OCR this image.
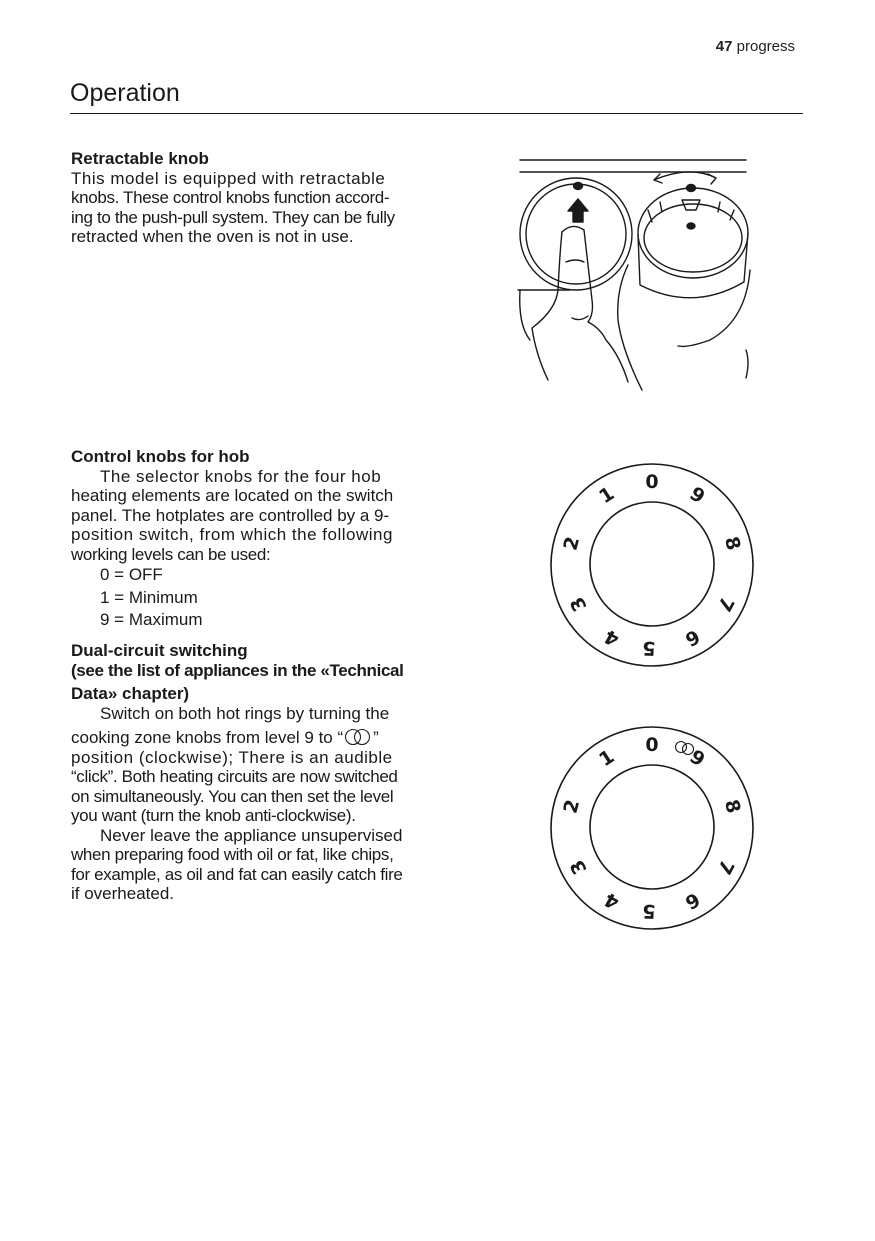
47 progress
Operation
Retractable knob

This model is equipped with retractable

knobs. These control knobs function accord-

ing to the push-pull system. They can be fully

retracted when the oven is not in use.

Control knobs for hob

The selector knobs for the four hob

heating elements are located on the switch

panel. The hotplates are controlled by a 9-

position switch, from which the following

working levels can be used:

0 = OFF
1 = Minimum
9 = Maximum
Dual-circuit switching
(see the list of appliances in the «Technical
Data» chapter)

Switch on both hot rings by turning the

cooking zone knobs from level 9 to “ ”

position (clockwise); There is an audible

“click”. Both heating circuits are now switched

on simultaneously. You can then set the level

you want (turn the knob anti-clockwise).

Never leave the appliance unsupervised

when preparing food with oil or fat, like chips,

for example, as oil and fat can easily catch fire

if overheated.

0
1
2
3
4 5 6
7
8
9
0
1
2
3
4 5 6
7
8
9
